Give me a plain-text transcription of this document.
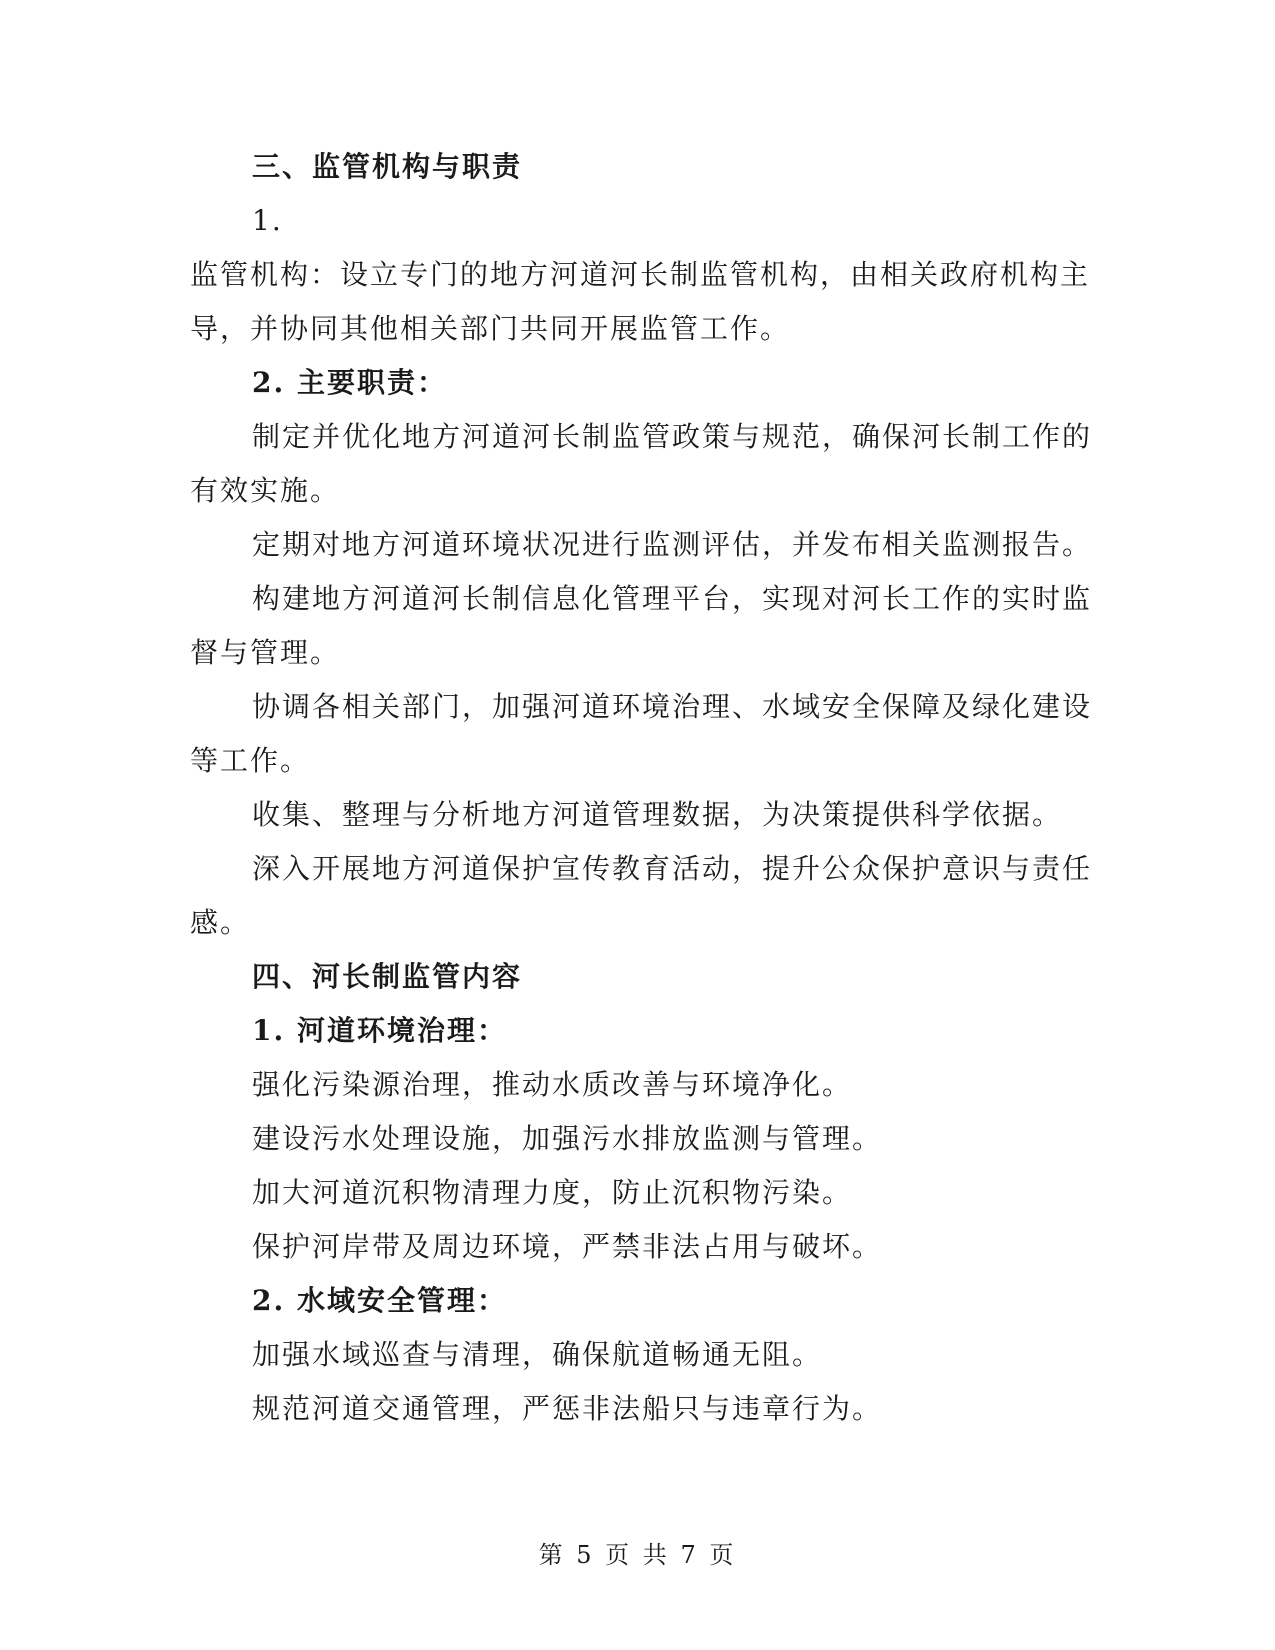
三、监管机构与职责
1.
监管机构：设立专门的地方河道河长制监管机构，由相关政府机构主
导，并协同其他相关部门共同开展监管工作。
2. 主要职责：
制定并优化地方河道河长制监管政策与规范，确保河长制工作的
有效实施。
定期对地方河道环境状况进行监测评估，并发布相关监测报告。
构建地方河道河长制信息化管理平台，实现对河长工作的实时监
督与管理。
协调各相关部门，加强河道环境治理、水域安全保障及绿化建设
等工作。
收集、整理与分析地方河道管理数据，为决策提供科学依据。
深入开展地方河道保护宣传教育活动，提升公众保护意识与责任
感。
四、河长制监管内容
1. 河道环境治理：
强化污染源治理，推动水质改善与环境净化。
建设污水处理设施，加强污水排放监测与管理。
加大河道沉积物清理力度，防止沉积物污染。
保护河岸带及周边环境，严禁非法占用与破坏。
2. 水域安全管理：
加强水域巡查与清理，确保航道畅通无阻。
规范河道交通管理，严惩非法船只与违章行为。
第 5 页 共 7 页
